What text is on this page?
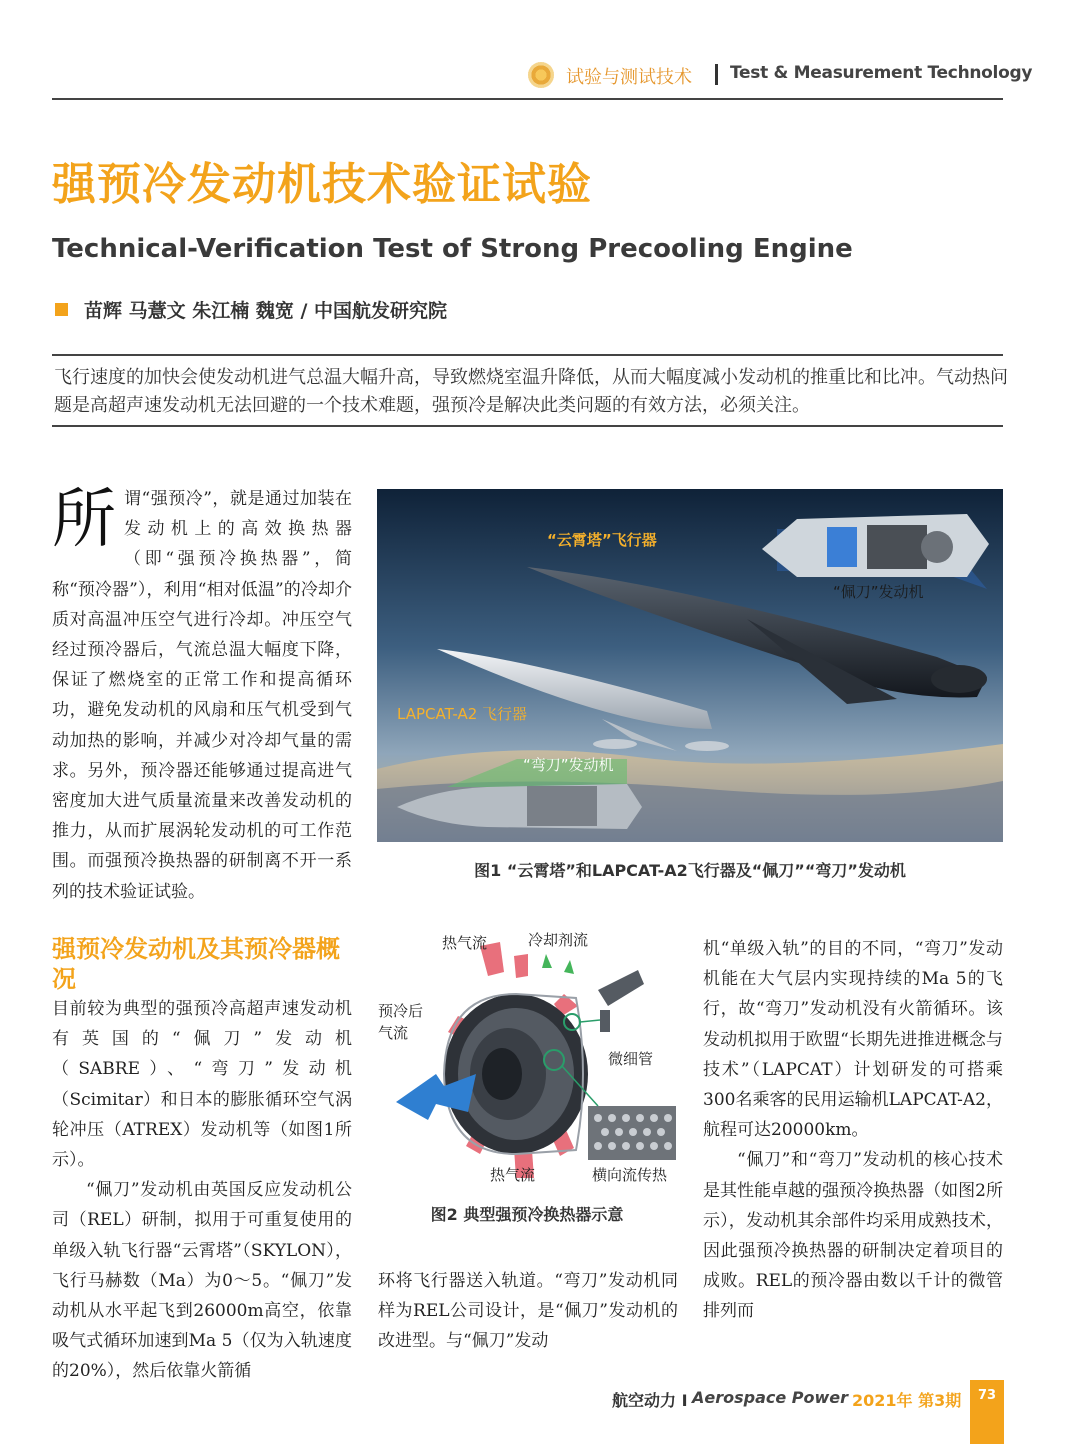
试验与测试技术 Test & Measurement Technology
强预冷发动机技术验证试验
Technical-Verification Test of Strong Precooling Engine
苗辉 马薏文 朱江楠 魏宽 / 中国航发研究院
飞行速度的加快会使发动机进气总温大幅升高，导致燃烧室温升降低，从而大幅度减小发动机的推重比和比冲。气动热问题是高超声速发动机无法回避的一个技术难题，强预冷是解决此类问题的有效方法，必须关注。
所谓“强预冷”，就是通过加装在发动机上的高效换热器（即“强预冷换热器”，简称“预冷器”），利用“相对低温”的冷却介质对高温冲压空气进行冷却。冲压空气经过预冷器后，气流总温大幅度下降，保证了燃烧室的正常工作和提高循环功，避免发动机的风扇和压气机受到气动加热的影响，并减少对冷却气量的需求。另外，预冷器还能够通过提高进气密度加大进气质量流量来改善发动机的推力，从而扩展涡轮发动机的可工作范围。而强预冷换热器的研制离不开一系列的技术验证试验。
强预冷发动机及其预冷器概况
目前较为典型的强预冷高超声速发动机有英国的“佩刀”发动机（SABRE）、“弯刀”发动机（Scimitar）和日本的膨胀循环空气涡轮冲压（ATREX）发动机等（如图1所示）。
“佩刀”发动机由英国反应发动机公司（REL）研制，拟用于可重复使用的单级入轨飞行器“云霄塔”（SKYLON），飞行马赫数（Ma）为0～5。“佩刀”发动机从水平起飞到26000m高空，依靠吸气式循环加速到Ma 5（仅为入轨速度的20%），然后依靠火箭循
“云霄塔”飞行器
“佩刀”发动机
LAPCAT-A2 飞行器
“弯刀”发动机
图1 “云霄塔”和LAPCAT-A2飞行器及“佩刀”“弯刀”发动机
热气流	冷却剂流
预冷后
气流
微细管
热气流	横向流传热
图2 典型强预冷换热器示意
环将飞行器送入轨道。“弯刀”发动机同样为REL公司设计，是“佩刀”发动机的改进型。与“佩刀”发动
机“单级入轨”的目的不同，“弯刀”发动机能在大气层内实现持续的Ma 5的飞行，故“弯刀”发动机没有火箭循环。该发动机拟用于欧盟“长期先进推进概念与技术”（LAPCAT）计划研发的可搭乘300名乘客的民用运输机LAPCAT-A2，航程可达20000km。
“佩刀”和“弯刀”发动机的核心技术是其性能卓越的强预冷换热器（如图2所示），发动机其余部件均采用成熟技术，因此强预冷换热器的研制决定着项目的成败。REL的预冷器由数以千计的微管排列而
航空动力 I Aerospace Power 2021年 第3期	73
